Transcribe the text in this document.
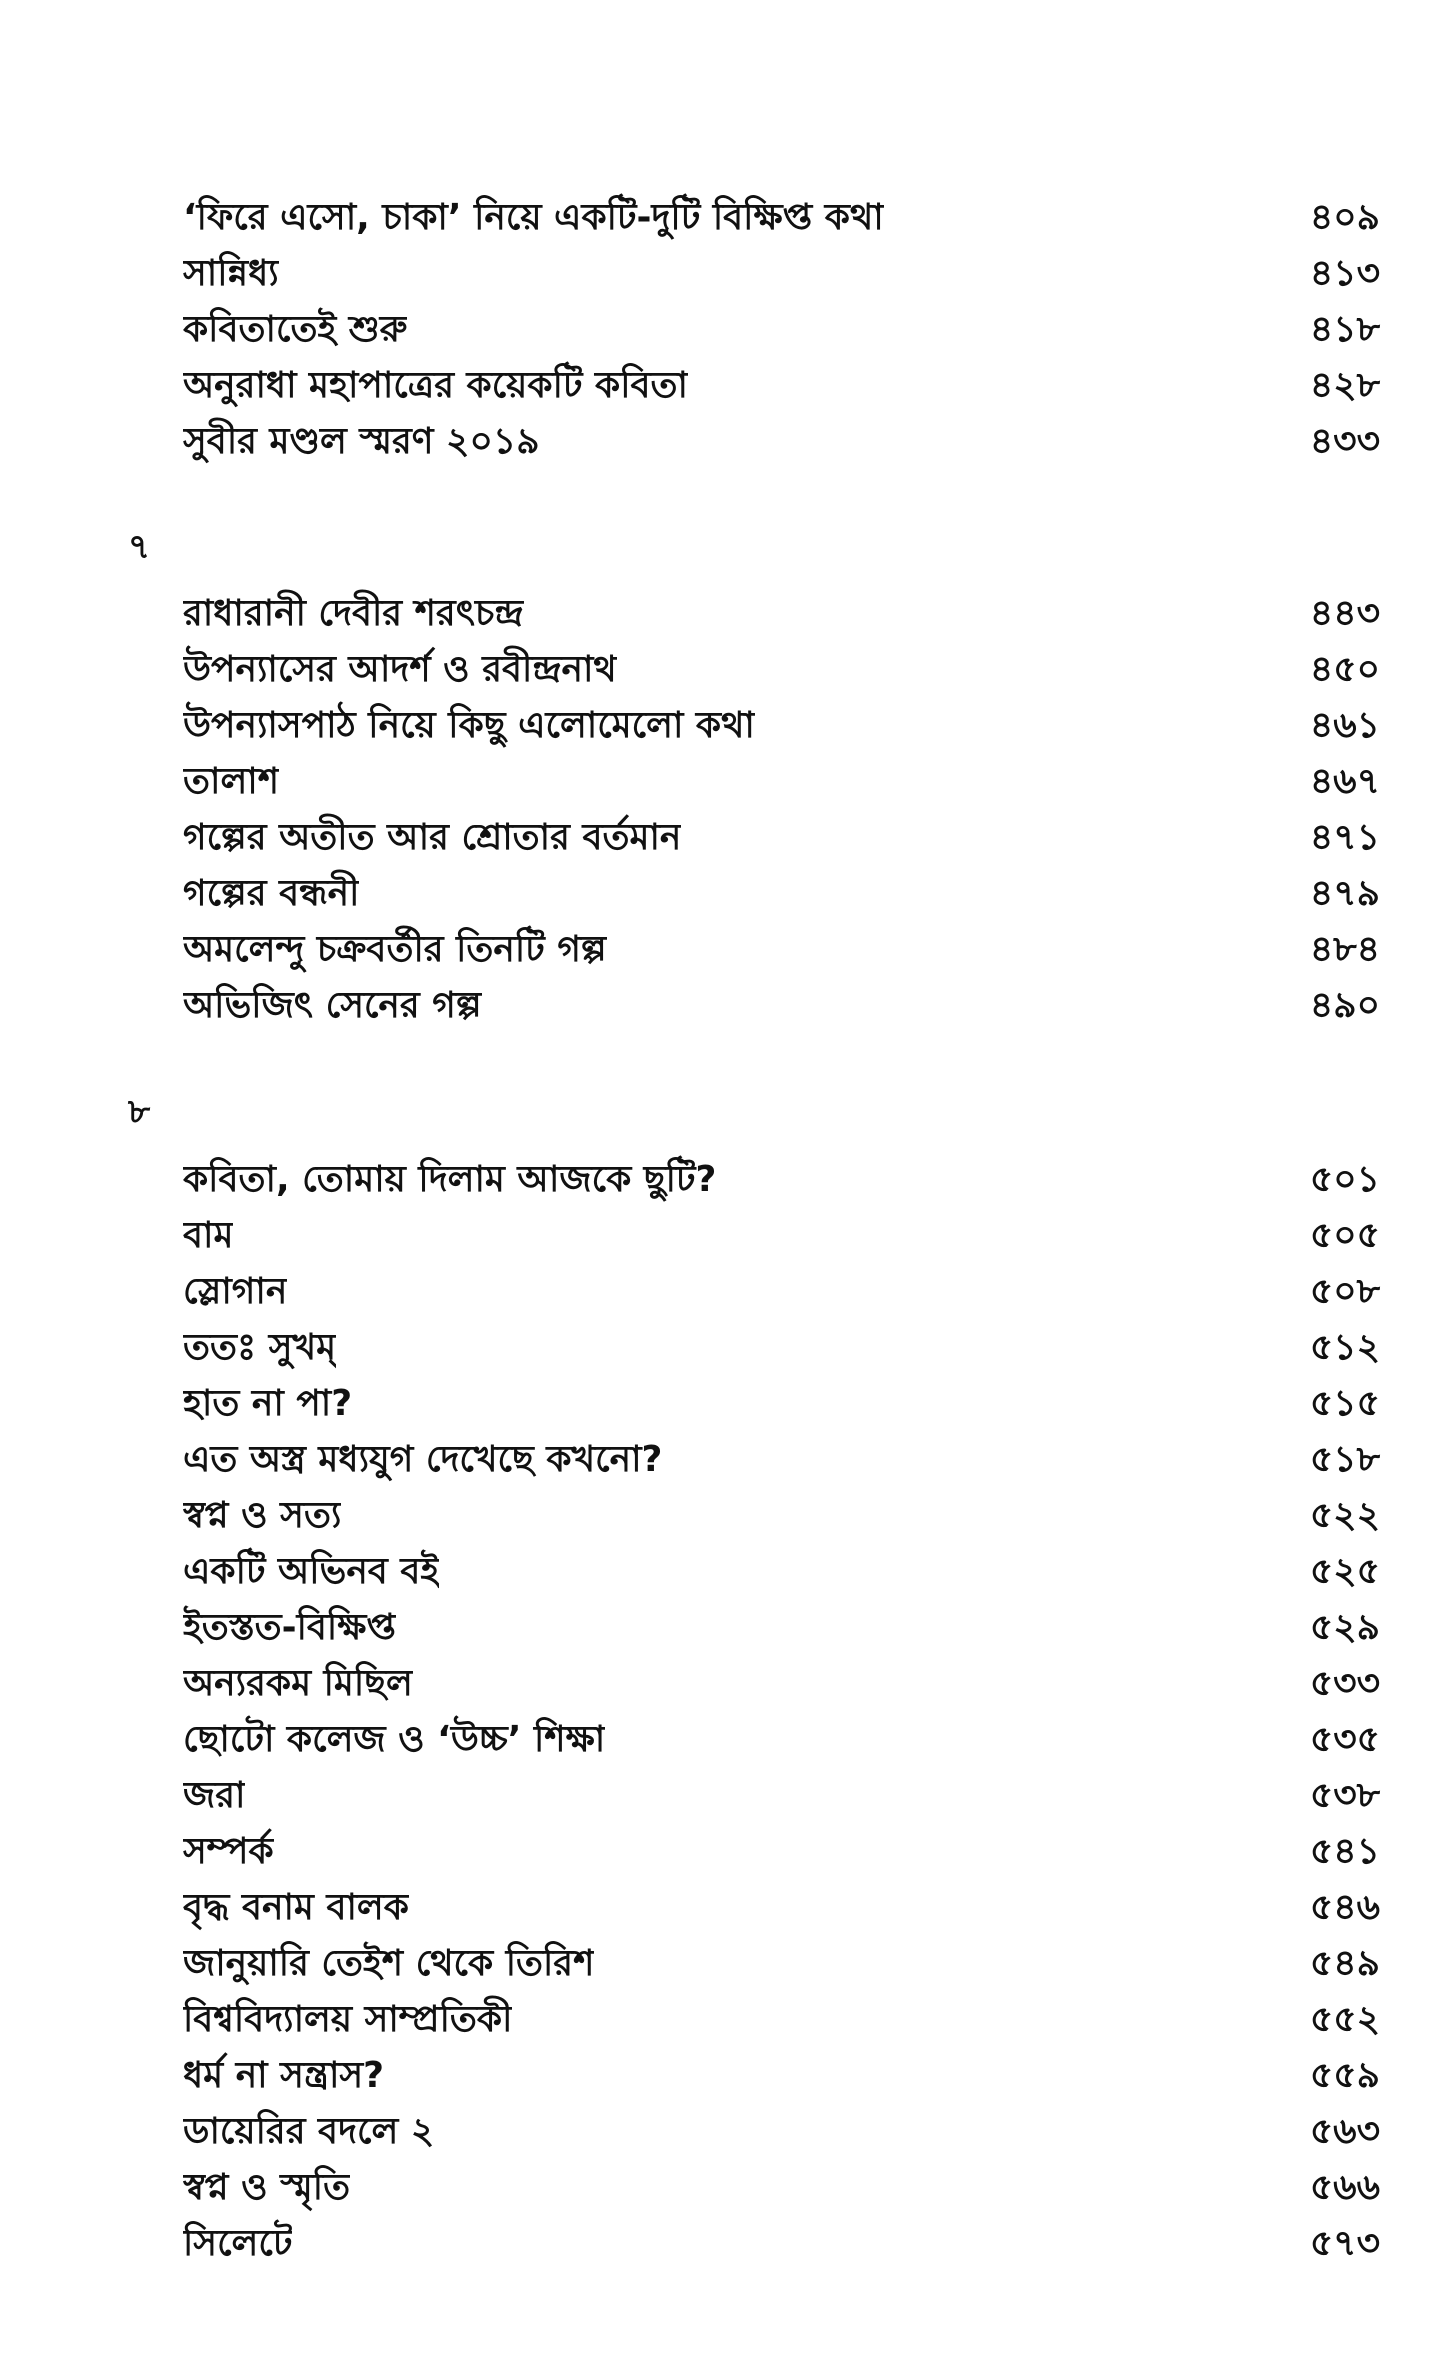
‘ফিরে এসো, চাকা’ নিয়ে একটি-দুটি বিক্ষিপ্ত কথা	৪০৯
সান্নিধ্য	৪১৩
কবিতাতেই শুরু	৪১৮
অনুরাধা মহাপাত্রের কয়েকটি কবিতা	৪২৮
সুবীর মণ্ডল স্মরণ ২০১৯	৪৩৩
৭
রাধারানী দেবীর শরৎচন্দ্র	৪৪৩
উপন্যাসের আদর্শ ও রবীন্দ্রনাথ	৪৫০
উপন্যাসপাঠ নিয়ে কিছু এলোমেলো কথা	৪৬১
তালাশ	৪৬৭
গল্পের অতীত আর শ্রোতার বর্তমান	৪৭১
গল্পের বন্ধনী	৪৭৯
অমলেন্দু চক্রবর্তীর তিনটি গল্প	৪৮৪
অভিজিৎ সেনের গল্প	৪৯০
৮
কবিতা, তোমায় দিলাম আজকে ছুটি?	৫০১
বাম	৫০৫
স্লোগান	৫০৮
ততঃ সুখম্	৫১২
হাত না পা?	৫১৫
এত অস্ত্র মধ্যযুগ দেখেছে কখনো?	৫১৮
স্বপ্ন ও সত্য	৫২২
একটি অভিনব বই	৫২৫
ইতস্তত-বিক্ষিপ্ত	৫২৯
অন্যরকম মিছিল	৫৩৩
ছোটো কলেজ ও ‘উচ্চ’ শিক্ষা	৫৩৫
জরা	৫৩৮
সম্পর্ক	৫৪১
বৃদ্ধ বনাম বালক	৫৪৬
জানুয়ারি তেইশ থেকে তিরিশ	৫৪৯
বিশ্ববিদ্যালয় সাম্প্রতিকী	৫৫২
ধর্ম না সন্ত্রাস?	৫৫৯
ডায়েরির বদলে ২	৫৬৩
স্বপ্ন ও স্মৃতি	৫৬৬
সিলেটে	৫৭৩
